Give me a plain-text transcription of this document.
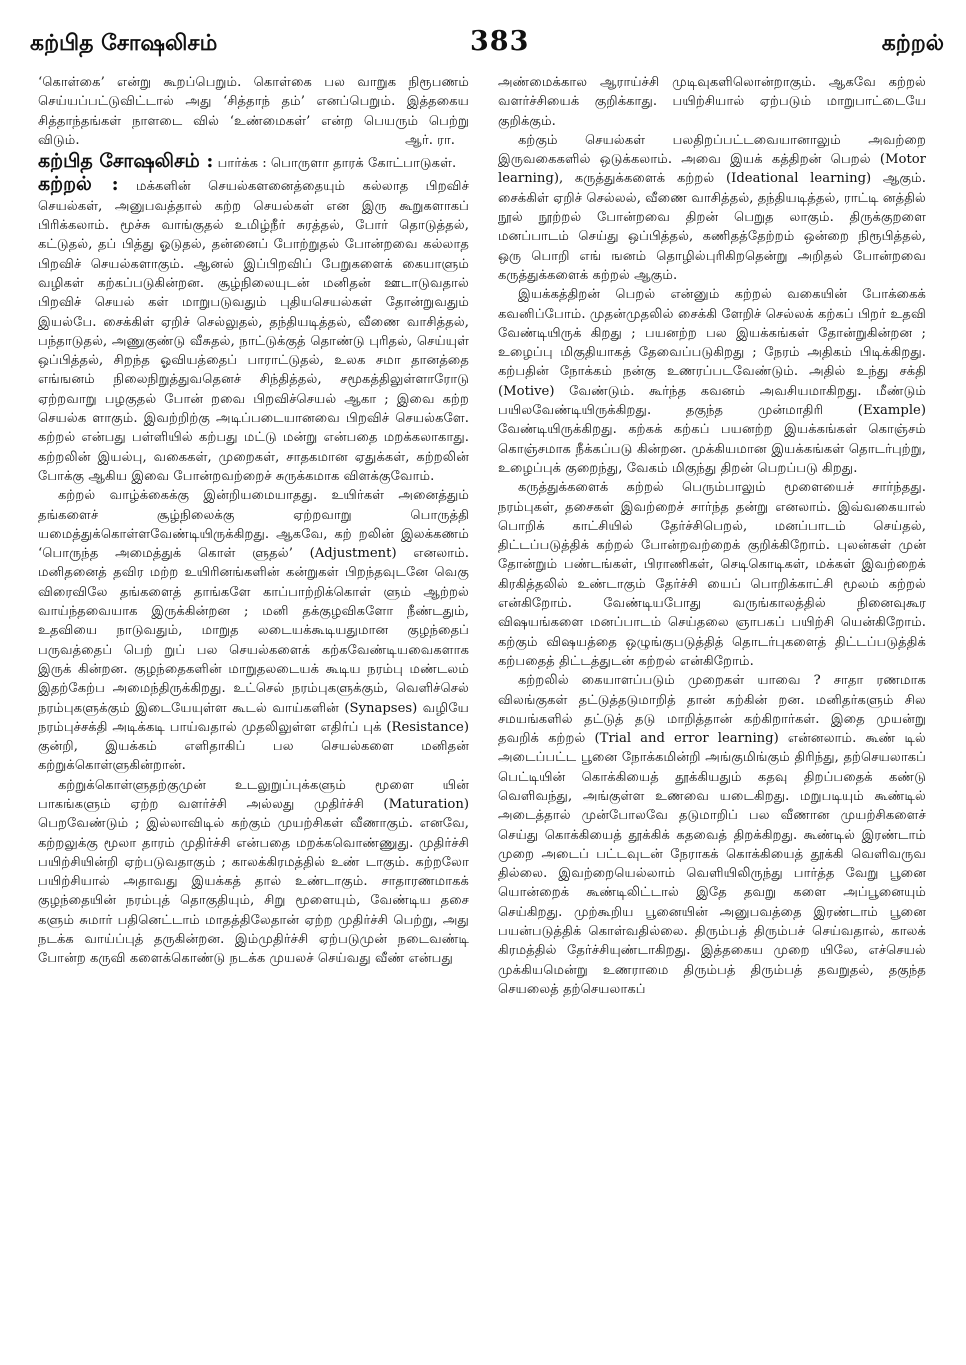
கற்பித சோஷலிசம்	383	கற்றல்

‘கொள்கை’ என்று கூறப்பெறும். கொள்கை பல வாறுக நிரூபணம் செய்யப்பட்டுவிட்டால் அது ‘சித்தாந் தம்’ எனப்பெறும். இத்தகைய சித்தாந்தங்கள் நாளடை வில் ‘உண்மைகள்’ என்ற பெயரும் பெற்று விடும்.	ஆர். ரா.

கற்பித சோஷலிசம் : பார்க்க : பொருளா தாரக் கோட்பாடுகள்.

கற்றல் : மக்களின் செயல்களனைத்தையும் கல்லாத பிறவிச் செயல்கள், அனுபவத்தால் கற்ற செயல்கள் என இரு கூறுகளாகப் பிரிக்கலாம். மூச்சு வாங்குதல் உமிழ்நீர் சுரத்தல், போர் தொடுத்தல், கட்டுதல், தப் பித்து ஓடுதல், தன்னைப் போற்றுதல் போன்றவை கல்லாத பிறவிச் செயல்களாகும். ஆனல் இப்பிறவிப் பேறுகளைக் கையாளும் வழிகள் கற்கப்படுகின்றன. சூழ்நிலையுடன் மனிதன் ஊடாடுவதால் பிறவிச் செயல் கள் மாறுபடுவதும் புதியசெயல்கள் தோன்றுவதும் இயல்பே. சைக்கிள் ஏறிச் செல்லுதல், தந்தியடித்தல், வீணை வாசித்தல், பந்தாடுதல், அணுகுண்டு வீசுதல், நாட்டுக்குத் தொண்டு புரிதல், செய்யுள் ஒப்பித்தல், சிறந்த ஓவியத்தைப் பாராட்டுதல், உலக சமா தானத்தை எங்ஙனம் நிலைநிறுத்துவதெனச் சிந்தித்தல், சமூகத்திலுள்ளாரோடு ஏற்றவாறு பழகுதல் போன் றவை பிறவிச்செயல் ஆகா ; இவை கற்ற செயல்க ளாகும். இவற்றிற்கு அடிப்படையானவை பிறவிச் செயல்களே. கற்றல் என்பது பள்ளியில் கற்பது மட்டு மன்று என்பதை மறக்கலாகாது. கற்றலின் இயல்பு, வகைகள், முறைகள், சாதகமான ஏதுக்கள், கற்றலின் போக்கு ஆகிய இவை போன்றவற்றைச் சுருக்கமாக விளக்குவோம்.

கற்றல் வாழ்க்கைக்கு இன்றியமையாதது. உயிர்கள் அனைத்தும் தங்களைச் சூழ்நிலைக்கு ஏற்றவாறு பொருத்தி யமைத்துக்கொள்ளவேண்டியிருக்கிறது. ஆகவே, கற் றலின் இலக்கணம் ‘பொருந்த அமைத்துக் கொள் ளுதல்’ (Adjustment) எனலாம். மனிதனைத் தவிர மற்ற உயிரினங்களின் கன்றுகள் பிறந்தவுடனே வெகு விரைவிலே தங்களைத் தாங்களே காப்பாற்றிக்கொள் ளும் ஆற்றல் வாய்ந்தவையாக இருக்கின்றன ; மனி தக்குழவிகளோ நீண்டதும், உதவியை நாடுவதும், மாறுத லடையக்கூடியதுமான குழந்தைப் பருவத்தைப் பெற் றுப் பல செயல்களைக் கற்கவேண்டியவைகளாக இருக் கின்றன. குழந்தைகளின் மாறுதலடையக் கூடிய நரம்பு மண்டலம் இதற்கேற்ப அமைந்திருக்கிறது. உட்செல் நரம்புகளுக்கும், வெளிச்செல் நரம்புகளுக்கும் இடையேயுள்ள கூடல் வாய்களின் (Synapses) வழியே நரம்புச்சக்தி அடிக்கடி பாய்வதால் முதலிலுள்ள எதிர்ப் புக் (Resistance) குன்றி, இயக்கம் எளிதாகிப் பல செயல்களை மனிதன் கற்றுக்கொள்ளுகின்றான்.

கற்றுக்கொள்ளுதற்குமுன் உடலுறுப்புக்களும் மூளை யின் பாகங்களும் ஏற்ற வளர்ச்சி அல்லது முதிர்ச்சி (Maturation) பெறவேண்டும் ; இல்லாவிடில் கற்கும் முயற்சிகள் வீணாகும். எனவே, கற்றலுக்கு மூலா தாரம் முதிர்ச்சி என்பதை மறக்கவொண்ணுது. முதிர்ச்சி பயிற்சியின்றி ஏற்படுவதாகும் ; காலக்கிரமத்தில் உண் டாகும். கற்றலோ பயிற்சியால் அதாவது இயக்கத் தால் உண்டாகும். சாதாரணமாகக் குழந்தையின் நரம்புத் தொகுதியும், சிறு மூளையும், வேண்டிய தசை களும் சுமார் பதினெட்டாம் மாதத்திலேதான் ஏற்ற முதிர்ச்சி பெற்று, அது நடக்க வாய்ப்புத் தருகின்றன. இம்முதிர்ச்சி ஏற்படுமுன் நடைவண்டி போன்ற கருவி களைக்கொண்டு நடக்க முயலச் செய்வது வீண் என்பது

அண்மைக்கால ஆராய்ச்சி முடிவுகளிலொன்றாகும். ஆகவே கற்றல் வளர்ச்சியைக் குறிக்காது. பயிற்சியால் ஏற்படும் மாறுபாட்டையே குறிக்கும்.

கற்கும் செயல்கள் பலதிறப்பட்டவையானாலும் அவற்றை இருவகைகளில் ஒடுக்கலாம். அவை இயக் கத்திறன் பெறல் (Motor learning), கருத்துக்களைக் கற்றல் (Ideational learning) ஆகும். சைக்கிள் ஏறிச் செல்லல், வீணை வாசித்தல், தந்தியடித்தல், ராட்டி னத்தில் நூல் நூற்றல் போன்றவை திறன் பெறுத லாகும். திருக்குறளை மனப்பாடம் செய்து ஒப்பித்தல், கணிதத்தேற்றம் ஒன்றை நிரூபித்தல், ஒரு பொறி எங் ஙனம் தொழில்புரிகிறதென்று அறிதல் போன்றவை கருத்துக்களைக் கற்றல் ஆகும்.

இயக்கத்திறன் பெறல் என்னும் கற்றல் வகையின் போக்கைக் கவனிப்போம். முதன்முதலில் சைக்கி ளேறிச் செல்லக் கற்கப் பிறர் உதவி வேண்டியிருக் கிறது ; பயனற்ற பல இயக்கங்கள் தோன்றுகின்றன ; உழைப்பு மிகுதியாகத் தேவைப்படுகிறது ; நேரம் அதிகம் பிடிக்கிறது. கற்பதின் நோக்கம் நன்கு உணரப்படவேண்டும். அதில் உந்து சக்தி (Motive) வேண்டும். கூர்ந்த கவனம் அவசியமாகிறது. மீண்டும் பயிலவேண்டியிருக்கிறது. தகுந்த முன்மாதிரி (Example) வேண்டியிருக்கிறது. கற்கக் கற்கப் பயனற்ற இயக்கங்கள் கொஞ்சம் கொஞ்சமாக நீக்கப்படு கின்றன. முக்கியமான இயக்கங்கள் தொடர்புற்று, உழைப்புக் குறைந்து, வேகம் மிகுந்து திறன் பெறப்படு கிறது.

கருத்துக்களைக் கற்றல் பெரும்பாலும் மூளையைச் சார்ந்தது. நரம்புகள், தசைகள் இவற்றைச் சார்ந்த தன்று எனலாம். இவ்வகையால் பொறிக் காட்சியில் தேர்ச்சிபெறல், மனப்பாடம் செய்தல், திட்டப்படுத்திக் கற்றல் போன்றவற்றைக் குறிக்கிறோம். புலன்கள் முன் தோன்றும் பண்டங்கள், பிராணிகள், செடிகொடிகள், மக்கள் இவற்றைக் கிரகித்தலில் உண்டாகும் தேர்ச்சி யைப் பொறிக்காட்சி மூலம் கற்றல் என்கிறோம். வேண்டியபோது வருங்காலத்தில் நினைவுகூர விஷயங்களை மனப்பாடம் செய்தலை ஞாபகப் பயிற்சி யென்கிறோம். கற்கும் விஷயத்தை ஒழுங்குபடுத்தித் தொடர்புகளைத் திட்டப்படுத்திக் கற்பதைத் திட்டத்துடன் கற்றல் என்கிறோம்.

கற்றலில் கையாளப்படும் முறைகள் யாவை ? சாதா ரணமாக விலங்குகள் தட்டுத்தடுமாறித் தான் கற்கின் றன. மனிதர்களும் சில சமயங்களில் தட்டுத் தடு மாறித்தான் கற்கிறார்கள். இதை முயன்று தவறிக் கற்றல் (Trial and error learning) என்னலாம். கூண் டில் அடைப்பட்ட பூனை நோக்கமின்றி அங்குமிங்கும் திரிந்து, தற்செயலாகப் பெட்டியின் கொக்கியைத் தூக்கியதும் கதவு திறப்பதைக் கண்டு வெளிவந்து, அங்குள்ள உணவை யடைகிறது. மறுபடியும் கூண்டில் அடைத்தால் முன்போலவே தடுமாறிப் பல வீணான முயற்சிகளைச் செய்து கொக்கியைத் தூக்கிக் கதவைத் திறக்கிறது. கூண்டில் இரண்டாம் முறை அடைப் பட்டவுடன் நேராகக் கொக்கியைத் தூக்கி வெளிவருவ தில்லை. இவற்றையெல்லாம் வெளியிலிருந்து பார்த்த வேறு பூனை யொன்றைக் கூண்டிலிட்டால் இதே தவறு களை அப்பூனையும் செய்கிறது. முற்கூறிய பூனையின் அனுபவத்தை இரண்டாம் பூனை பயன்படுத்திக் கொள்வதில்லை. திரும்பத் திரும்பச் செய்வதால், காலக் கிரமத்தில் தேர்ச்சியுண்டாகிறது. இத்தகைய முறை யிலே, எச்செயல் முக்கியமென்று உணராமை திரும்பத் திரும்பத் தவறுதல், தகுந்த செயலைத் தற்செயலாகப்
